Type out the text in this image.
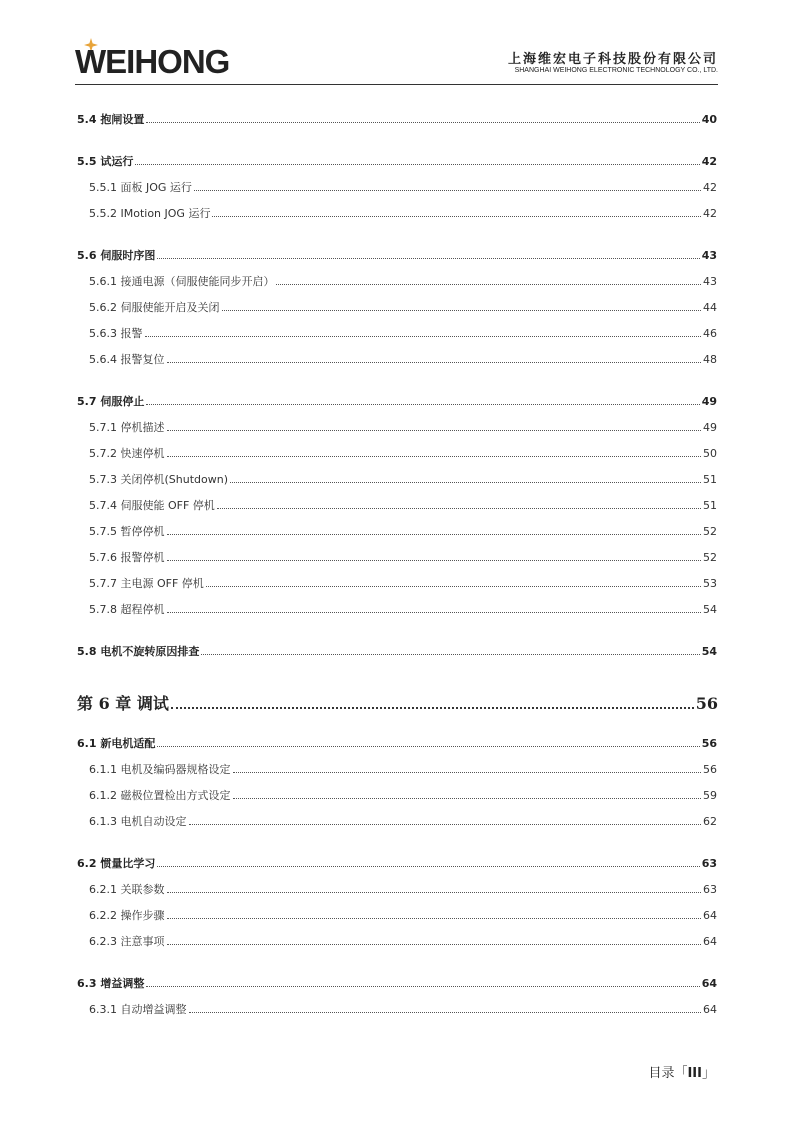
WEIHONG	上海维宏电子科技股份有限公司
SHANGHAI WEIHONG ELECTRONIC TECHNOLOGY CO., LTD.
5.4 抱闸设置	40
5.5 试运行	42
5.5.1 面板 JOG 运行	42
5.5.2 IMotion JOG 运行	42
5.6 伺服时序图	43
5.6.1 接通电源（伺服使能同步开启）	43
5.6.2 伺服使能开启及关闭	44
5.6.3 报警	46
5.6.4 报警复位	48
5.7 伺服停止	49
5.7.1 停机描述	49
5.7.2 快速停机	50
5.7.3 关闭停机(Shutdown)	51
5.7.4 伺服使能 OFF 停机	51
5.7.5 暂停停机	52
5.7.6 报警停机	52
5.7.7 主电源 OFF 停机	53
5.7.8 超程停机	54
5.8 电机不旋转原因排查	54
第 6 章 调试	56
6.1 新电机适配	56
6.1.1 电机及编码器规格设定	56
6.1.2 磁极位置检出方式设定	59
6.1.3 电机自动设定	62
6.2 惯量比学习	63
6.2.1 关联参数	63
6.2.2 操作步骤	64
6.2.3 注意事项	64
6.3 增益调整	64
6.3.1 自动增益调整	64
目录「III」
